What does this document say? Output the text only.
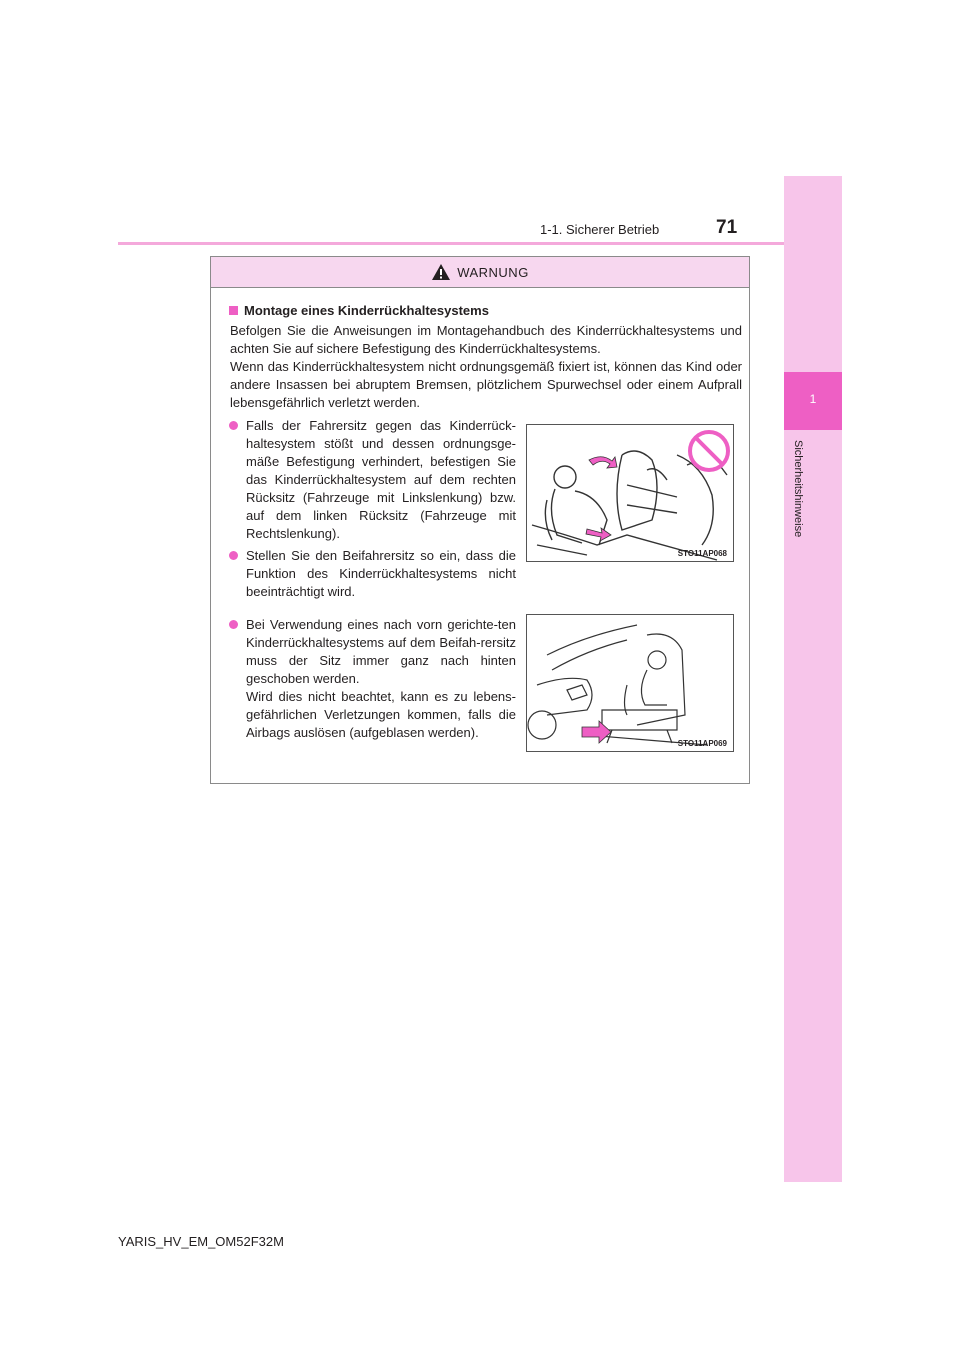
1
Sicherheitshinweise
1-1. Sicherer Betrieb	71
WARNUNG
Montage eines Kinderrückhaltesystems

Befolgen Sie die Anweisungen im Montagehandbuch des Kinderrückhaltesystems und achten Sie auf sichere Befestigung des Kinderrückhaltesystems.

Wenn das Kinderrückhaltesystem nicht ordnungsgemäß fixiert ist, können das Kind oder andere Insassen bei abruptem Bremsen, plötzlichem Spurwechsel oder einem Aufprall lebensgefährlich verletzt werden.

Falls der Fahrersitz gegen das Kinderrück-haltesystem stößt und dessen ordnungsge-mäße Befestigung verhindert, befestigen Sie das Kinderrückhaltesystem auf dem rechten Rücksitz (Fahrzeuge mit Linkslenkung) bzw. auf dem linken Rücksitz (Fahrzeuge mit Rechtslenkung).
Stellen Sie den Beifahrersitz so ein, dass die Funktion des Kinderrückhaltesystems nicht beeinträchtigt wird.
Bei Verwendung eines nach vorn gerichte-ten Kinderrückhaltesystems auf dem Beifah-rersitz muss der Sitz immer ganz nach hinten geschoben werden.
Wird dies nicht beachtet, kann es zu lebens-gefährlichen Verletzungen kommen, falls die Airbags auslösen (aufgeblasen werden).
STO11AP068
STO11AP069
YARIS_HV_EM_OM52F32M
